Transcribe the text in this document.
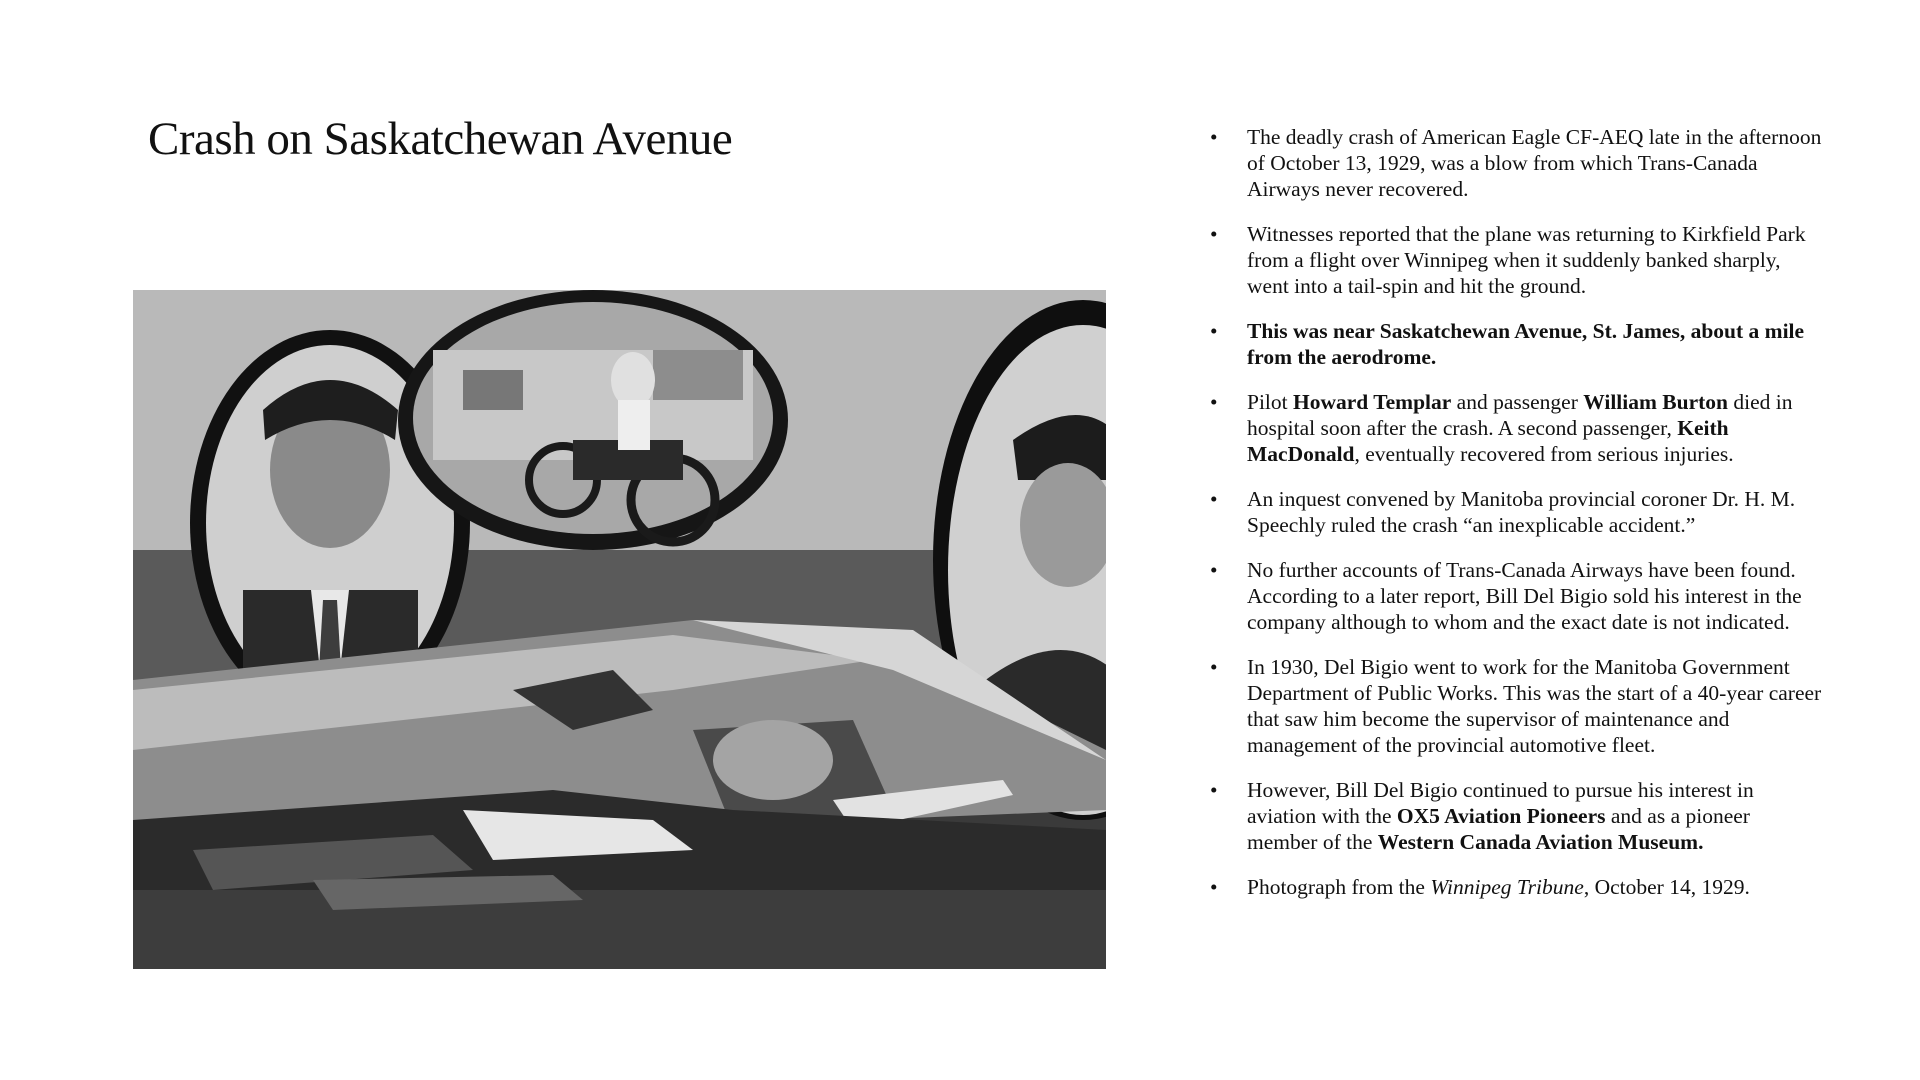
Crash on Saskatchewan Avenue	• The deadly crash of American Eagle CF-AEQ late in the afternoon of October 13, 1929, was a blow from which Trans-Canada Airways never recovered.
• Witnesses reported that the plane was returning to Kirkfield Park from a flight over Winnipeg when it suddenly banked sharply, went into a tail-spin and hit the ground.
• This was near Saskatchewan Avenue, St. James, about a mile from the aerodrome.
• Pilot Howard Templar and passenger William Burton died in hospital soon after the crash. A second passenger, Keith MacDonald, eventually recovered from serious injuries.
• An inquest convened by Manitoba provincial coroner Dr. H. M. Speechly ruled the crash “an inexplicable accident.”
• No further accounts of Trans-Canada Airways have been found. According to a later report, Bill Del Bigio sold his interest in the company although to whom and the exact date is not indicated.
• In 1930, Del Bigio went to work for the Manitoba Government Department of Public Works. This was the start of a 40-year career that saw him become the supervisor of maintenance and management of the provincial automotive fleet.
• However, Bill Del Bigio continued to pursue his interest in aviation with the OX5 Aviation Pioneers and as a pioneer member of the Western Canada Aviation Museum.
• Photograph from the Winnipeg Tribune, October 14, 1929.
